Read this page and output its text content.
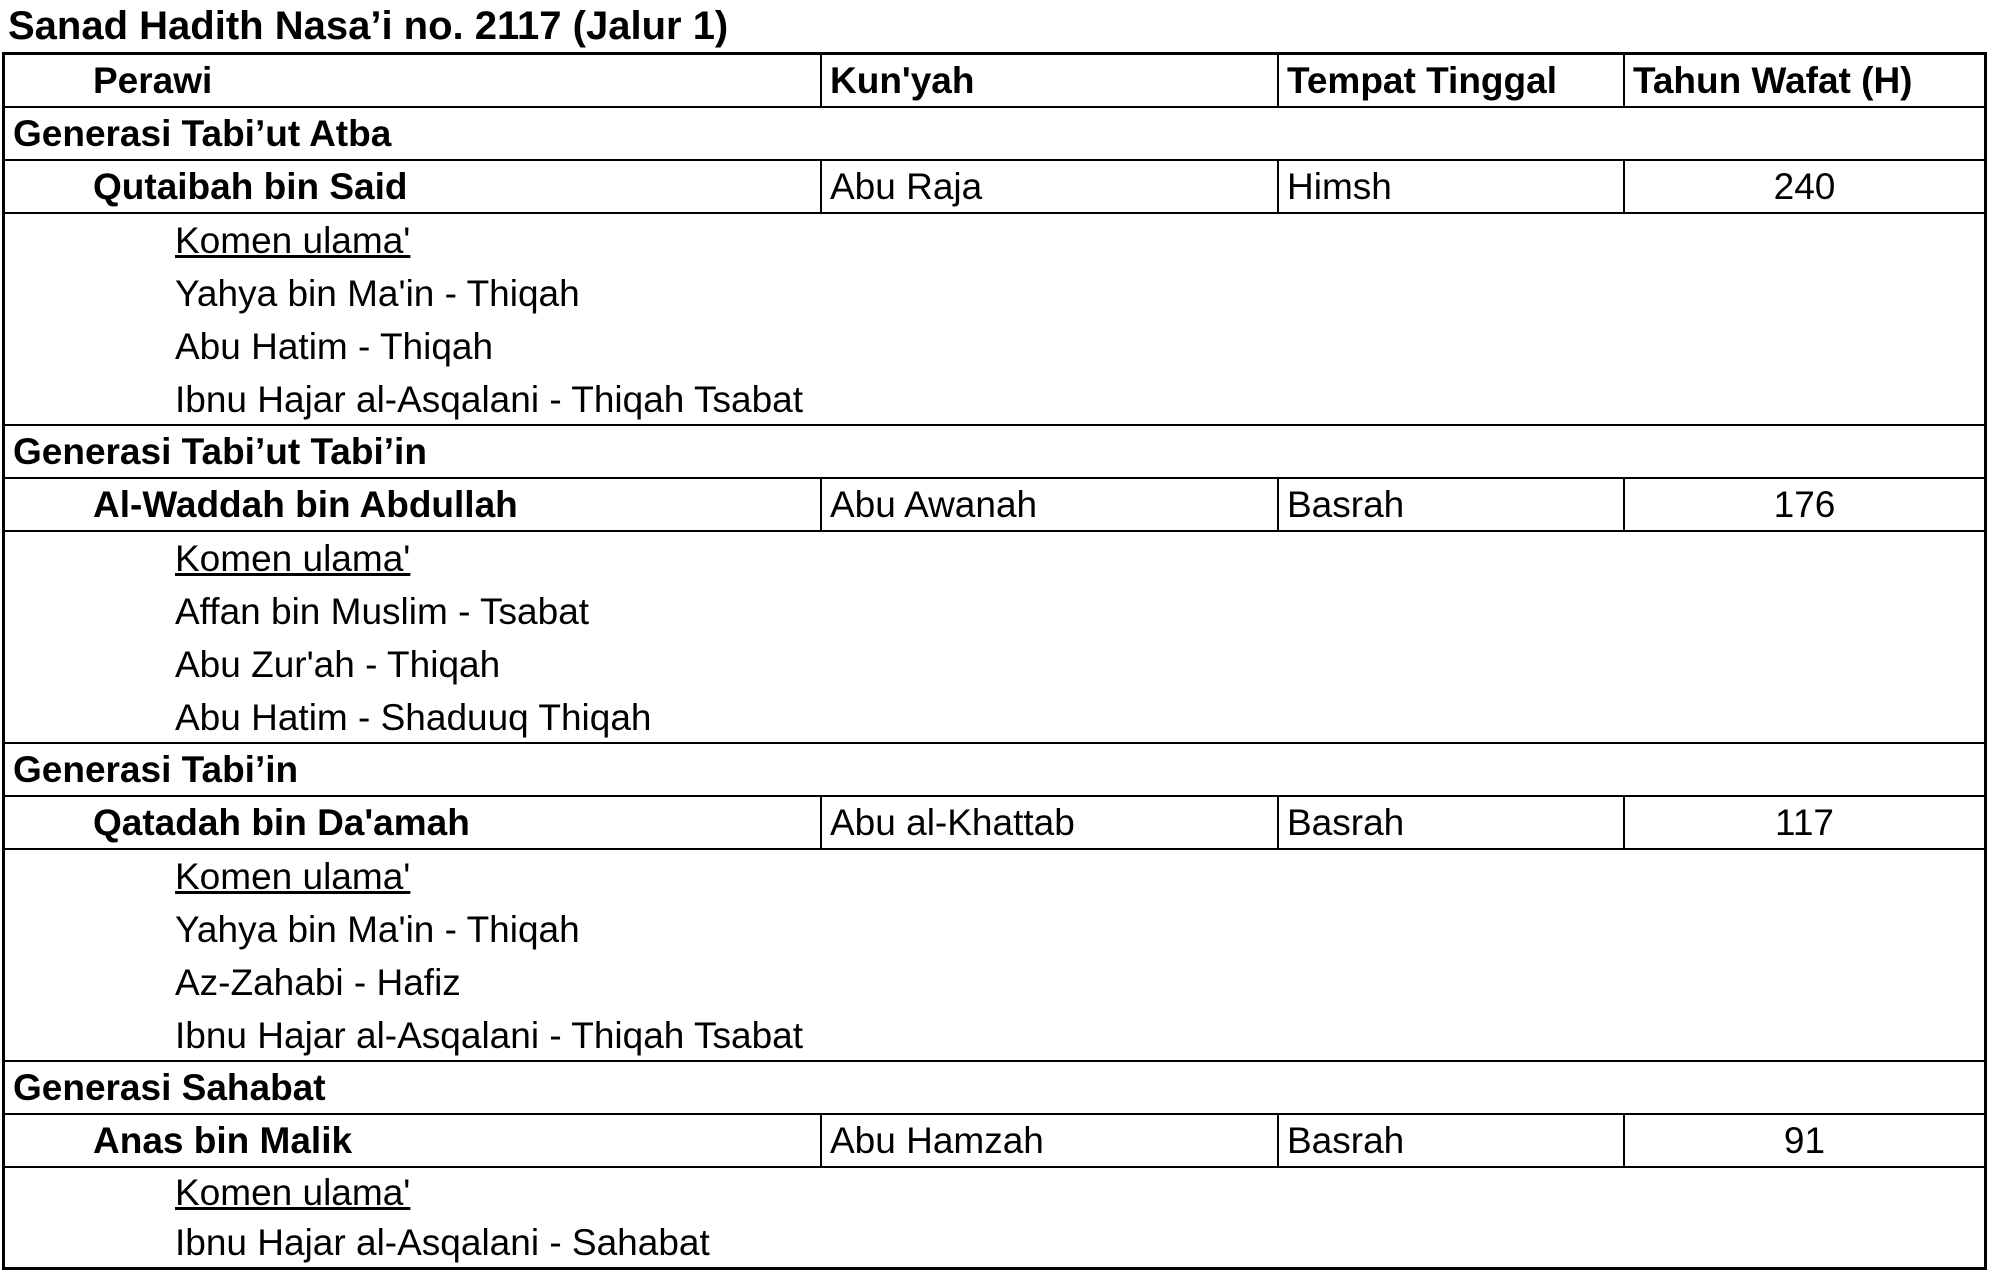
Sanad Hadith Nasa’i no. 2117 (Jalur 1)
Perawi	Kun'yah	Tempat Tinggal	Tahun Wafat (H)
Generasi Tabi’ut Atba
Qutaibah bin Said	Abu Raja	Himsh	240
Komen ulama'
Yahya bin Ma'in - Thiqah
Abu Hatim - Thiqah
Ibnu Hajar al-Asqalani - Thiqah Tsabat
Generasi Tabi’ut Tabi’in
Al-Waddah bin Abdullah	Abu Awanah	Basrah	176
Komen ulama'
Affan bin Muslim - Tsabat
Abu Zur'ah - Thiqah
Abu Hatim - Shaduuq Thiqah
Generasi Tabi’in
Qatadah bin Da'amah	Abu al-Khattab	Basrah	117
Komen ulama'
Yahya bin Ma'in - Thiqah
Az-Zahabi - Hafiz
Ibnu Hajar al-Asqalani - Thiqah Tsabat
Generasi Sahabat
Anas bin Malik	Abu Hamzah	Basrah	91
Komen ulama'
Ibnu Hajar al-Asqalani - Sahabat
